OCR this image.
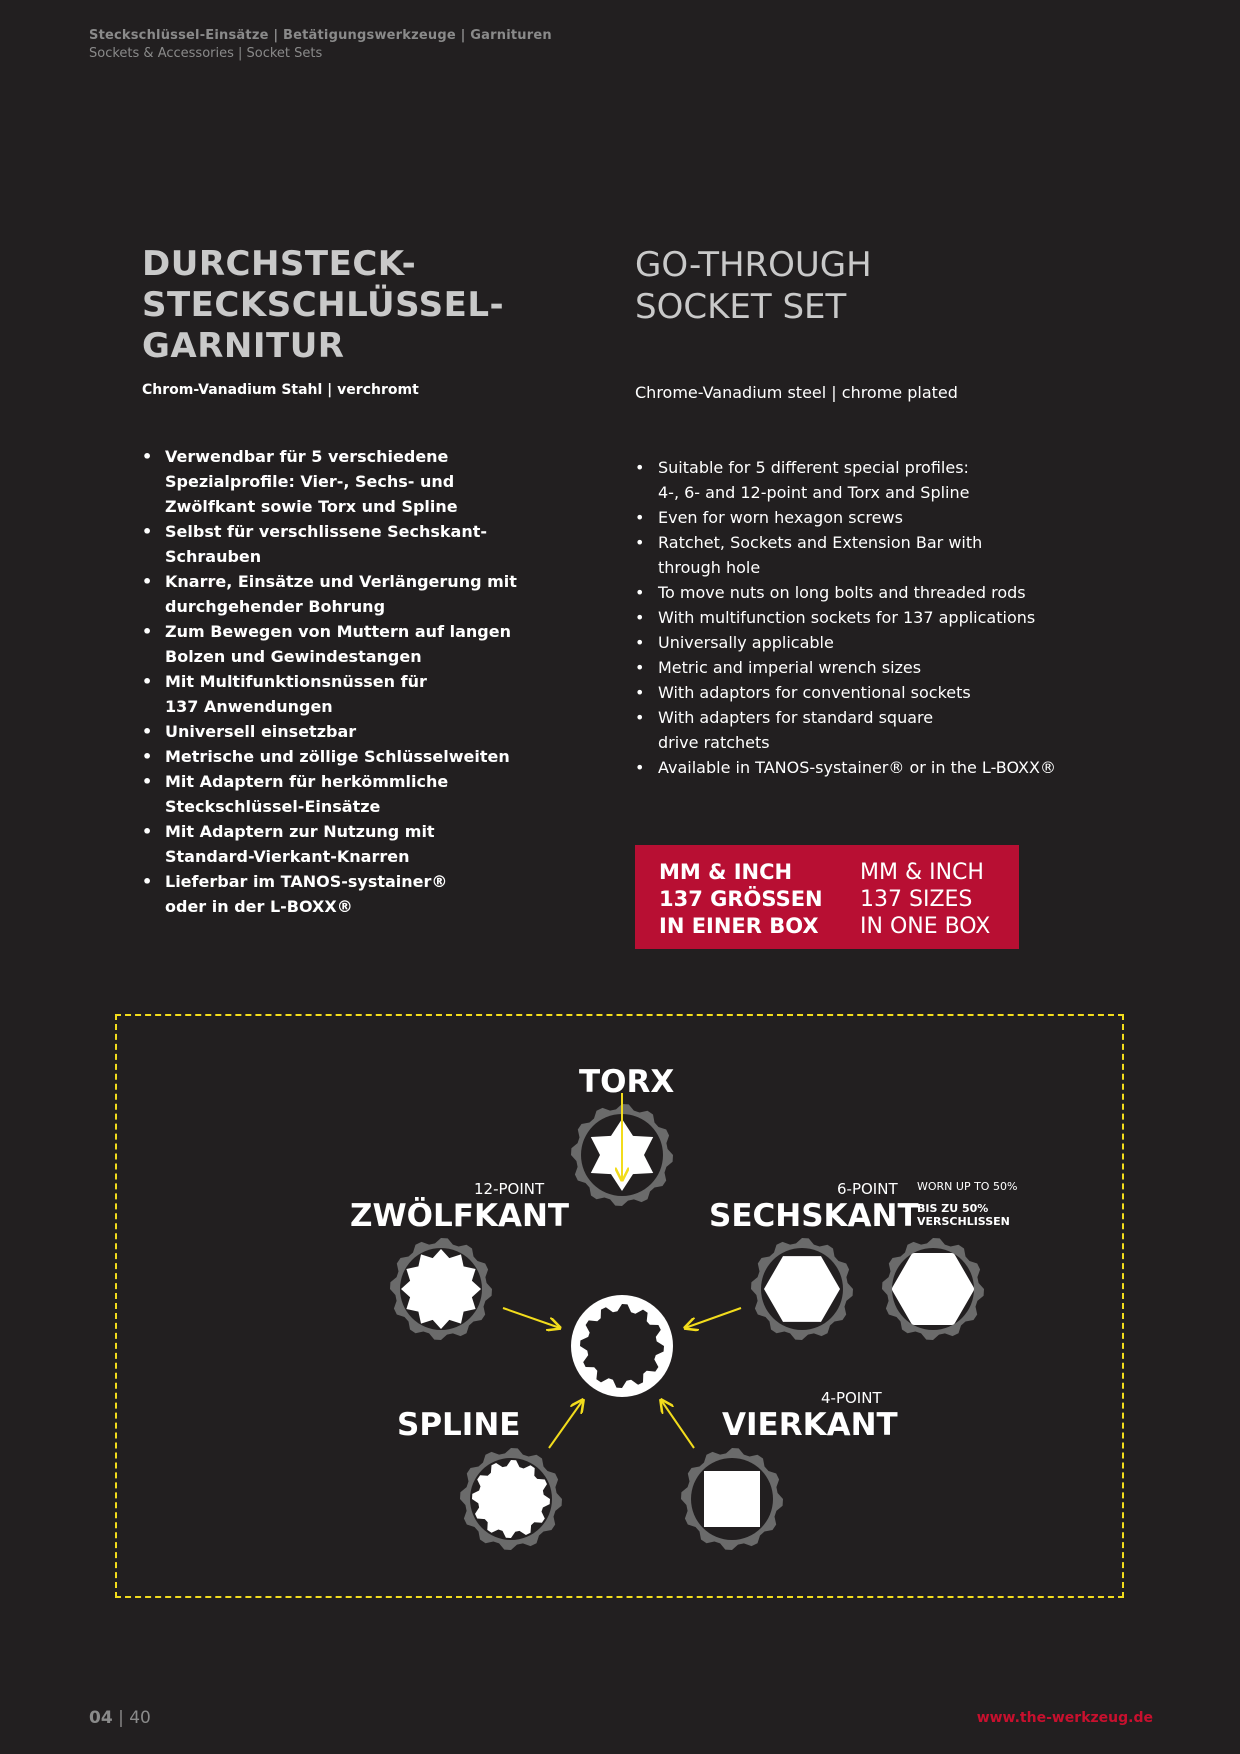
Steckschlüssel-Einsätze | Betätigungswerkzeuge | Garnituren
Sockets & Accessories | Socket Sets
DURCHSTECK-
STECKSCHLÜSSEL-
GARNITUR
GO-THROUGH
SOCKET SET
Chrom-Vanadium Stahl | verchromt	Chrome-Vanadium steel | chrome plated
• Verwendbar für 5 verschiedene
Spezialprofile: Vier-, Sechs- und
Zwölfkant sowie Torx und Spline
• Selbst für verschlissene Sechskant-Schrauben
• Knarre, Einsätze und Verlängerung mit
durchgehender Bohrung
• Zum Bewegen von Muttern auf langen
Bolzen und Gewindestangen
• Mit Multifunktionsnüssen für
137 Anwendungen
• Universell einsetzbar
• Metrische und zöllige Schlüsselweiten
• Mit Adaptern für herkömmliche
Steckschlüssel-Einsätze
• Mit Adaptern zur Nutzung mit
Standard-Vierkant-Knarren
• Lieferbar im TANOS-systainer®
oder in der L-BOXX®
• Suitable for 5 different special profiles:
4-, 6- and 12-point and Torx and Spline
• Even for worn hexagon screws
• Ratchet, Sockets and Extension Bar with
through hole
• To move nuts on long bolts and threaded rods
• With multifunction sockets for 137 applications
• Universally applicable
• Metric and imperial wrench sizes
• With adaptors for conventional sockets
• With adapters for standard square
drive ratchets
• Available in TANOS-systainer® or in the L-BOXX®
MM & INCH
137 GRÖSSEN
IN EINER BOX
MM & INCH
137 SIZES
IN ONE BOX
TORX
12-POINT
ZWÖLFKANT
6-POINT
SECHSKANT
WORN UP TO 50%
BIS ZU 50%
VERSCHLISSEN
SPLINE
4-POINT
VIERKANT
04 | 40	www.the-werkzeug.de
